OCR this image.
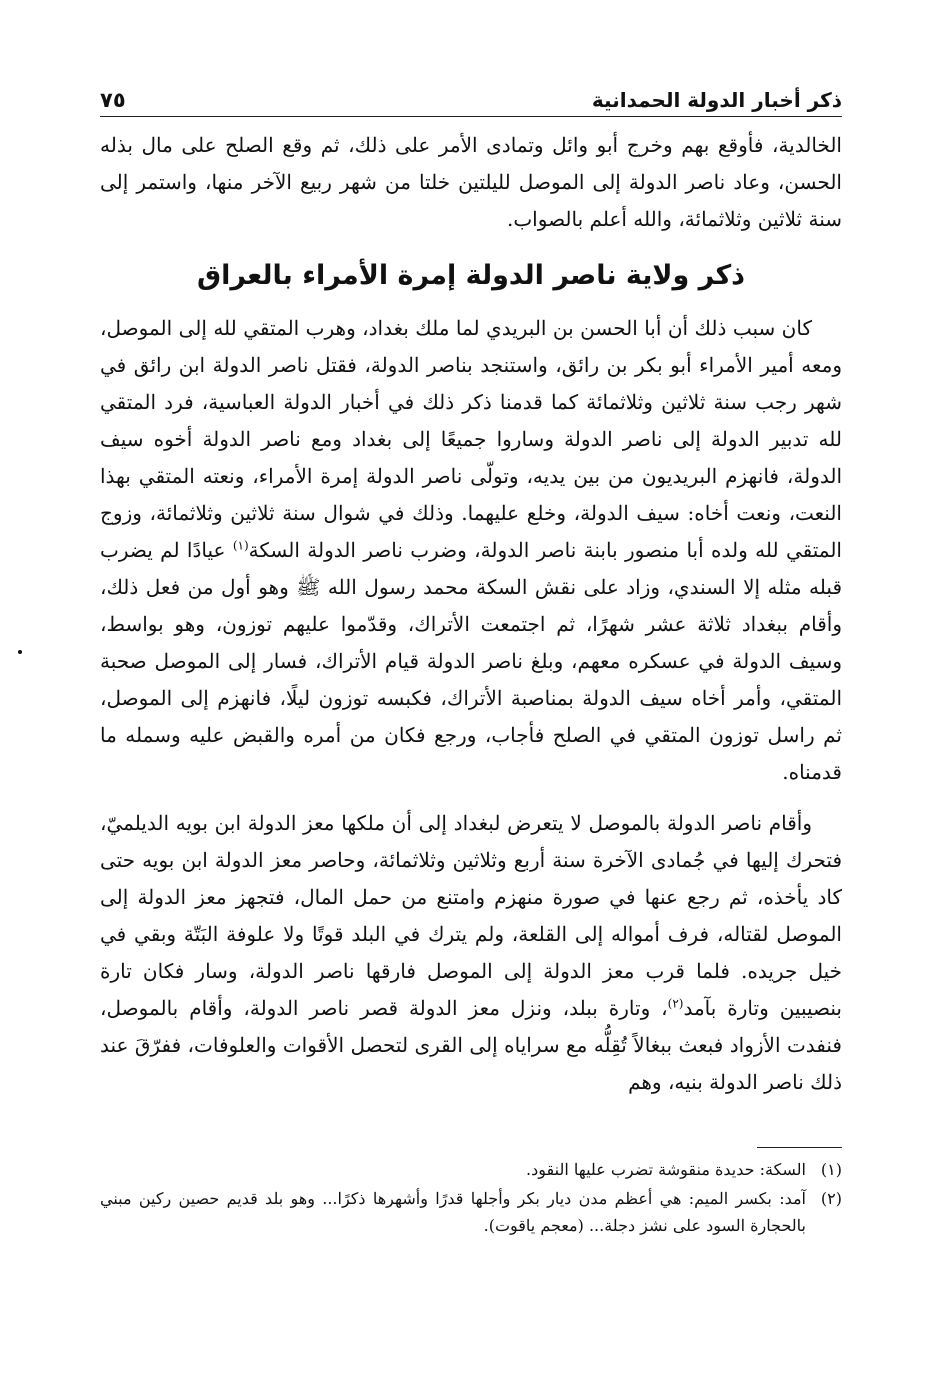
ذكر أخبار الدولة الحمدانية
٧٥

الخالدية، فأوقع بهم وخرج أبو وائل وتمادى الأمر على ذلك، ثم وقع الصلح على مال بذله الحسن، وعاد ناصر الدولة إلى الموصل لليلتين خلتا من شهر ربيع الآخر منها، واستمر إلى سنة ثلاثين وثلاثمائة، والله أعلم بالصواب.

ذكر ولاية ناصر الدولة إمرة الأمراء بالعراق

كان سبب ذلك أن أبا الحسن بن البريدي لما ملك بغداد، وهرب المتقي لله إلى الموصل، ومعه أمير الأمراء أبو بكر بن رائق، واستنجد بناصر الدولة، فقتل ناصر الدولة ابن رائق في شهر رجب سنة ثلاثين وثلاثمائة كما قدمنا ذكر ذلك في أخبار الدولة العباسية، فرد المتقي لله تدبير الدولة إلى ناصر الدولة وساروا جميعًا إلى بغداد ومع ناصر الدولة أخوه سيف الدولة، فانهزم البريديون من بين يديه، وتولّى ناصر الدولة إمرة الأمراء، ونعته المتقي بهذا النعت، ونعت أخاه: سيف الدولة، وخلع عليهما. وذلك في شوال سنة ثلاثين وثلاثمائة، وزوج المتقي لله ولده أبا منصور بابنة ناصر الدولة، وضرب ناصر الدولة السكة$^{(١)}$ عيادًا لم يضرب قبله مثله إلا السندي، وزاد على نقش السكة محمد رسول الله ﷺ وهو أول من فعل ذلك، وأقام ببغداد ثلاثة عشر شهرًا، ثم اجتمعت الأتراك، وقدّموا عليهم توزون، وهو بواسط، وسيف الدولة في عسكره معهم، وبلغ ناصر الدولة قيام الأتراك، فسار إلى الموصل صحبة المتقي، وأمر أخاه سيف الدولة بمناصبة الأتراك، فكبسه توزون ليلًا، فانهزم إلى الموصل، ثم راسل توزون المتقي في الصلح فأجاب، ورجع فكان من أمره والقبض عليه وسمله ما قدمناه.

وأقام ناصر الدولة بالموصل لا يتعرض لبغداد إلى أن ملكها معز الدولة ابن بويه الديلميّ، فتحرك إليها في جُمادى الآخرة سنة أربع وثلاثين وثلاثمائة، وحاصر معز الدولة ابن بويه حتى كاد يأخذه، ثم رجع عنها في صورة منهزم وامتنع من حمل المال، فتجهز معز الدولة إلى الموصل لقتاله، فرف أمواله إلى القلعة، ولم يترك في البلد قوتًا ولا علوفة البَتّة وبقي في خيل جريده. فلما قرب معز الدولة إلى الموصل فارقها ناصر الدولة، وسار فكان تارة بنصيبين وتارة بآمد$^{(٢)}$، وتارة ببلد، ونزل معز الدولة قصر ناصر الدولة، وأقام بالموصل، فنفدت الأزواد فبعث ببغالاً تُقِلُّه مع سراياه إلى القرى لتحصل الأقوات والعلوفات، ففرّقَ عند ذلك ناصر الدولة بنيه، وهم

(١)
السكة: حديدة منقوشة تضرب عليها النقود.
(٢)
آمد: بكسر الميم: هي أعظم مدن ديار بكر وأجلها قدرًا وأشهرها ذكرًا... وهو بلد قديم حصين ركين مبني بالحجارة السود على نشز دجلة... (معجم ياقوت).
